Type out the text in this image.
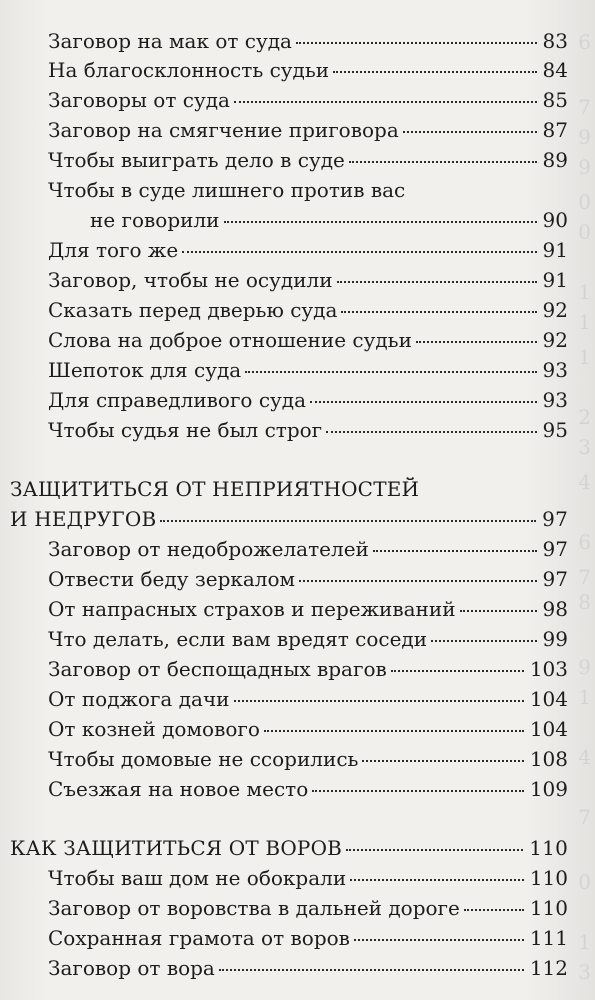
6
7
9
9
0
0
1
1
1
2
3
4
6
7
8
9
1
4
7
0
1
3
Заговор на мак от суда	83
На благосклонность судьи	84
Заговоры от суда	85
Заговор на смягчение приговора	87
Чтобы выиграть дело в суде	89
Чтобы в суде лишнего против вас
не говорили	90
Для того же	91
Заговор, чтобы не осудили	91
Сказать перед дверью суда	92
Слова на доброе отношение судьи	92
Шепоток для суда	93
Для справедливого суда	93
Чтобы судья не был строг	95
ЗАЩИТИТЬСЯ ОТ НЕПРИЯТНОСТЕЙ
И НЕДРУГОВ	97
Заговор от недоброжелателей	97
Отвести беду зеркалом	97
От напрасных страхов и переживаний	98
Что делать, если вам вредят соседи	99
Заговор от беспощадных врагов	103
От поджога дачи	104
От козней домового	104
Чтобы домовые не ссорились	108
Съезжая на новое место	109
КАК ЗАЩИТИТЬСЯ ОТ ВОРОВ	110
Чтобы ваш дом не обокрали	110
Заговор от воровства в дальней дороге	110
Сохранная грамота от воров	111
Заговор от вора	112
